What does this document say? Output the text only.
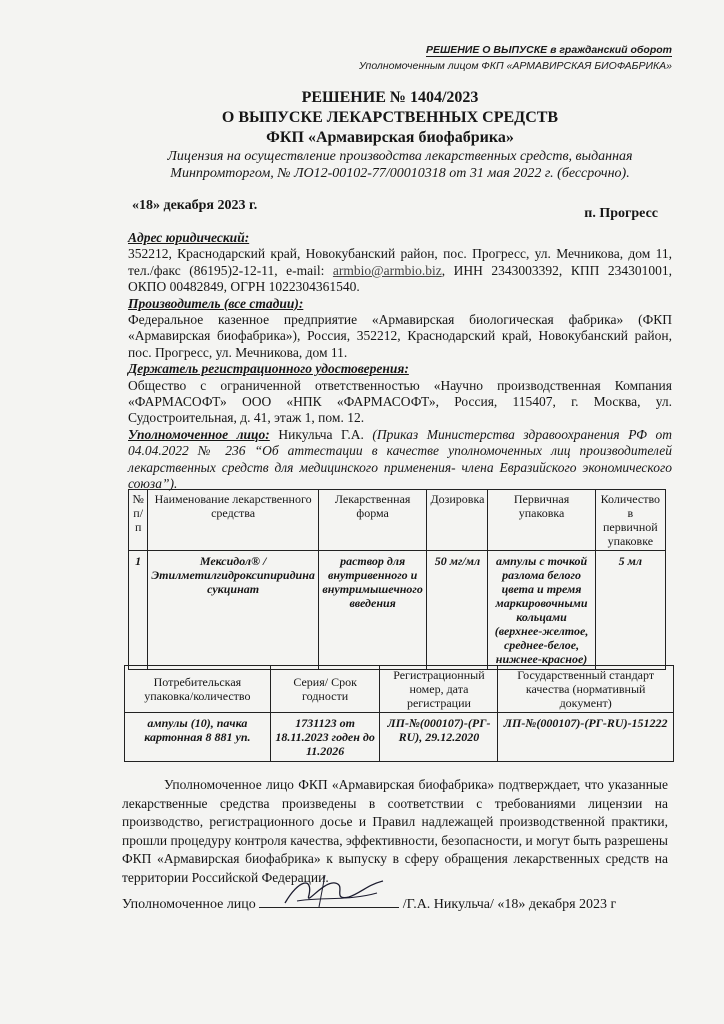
РЕШЕНИЕ О ВЫПУСКЕ в гражданский оборот
Уполномоченным лицом ФКП «АРМАВИРСКАЯ БИОФАБРИКА»
РЕШЕНИЕ № 1404/2023
О ВЫПУСКЕ ЛЕКАРСТВЕННЫХ СРЕДСТВ
ФКП «Армавирская биофабрика»
Лицензия на осуществление производства лекарственных средств, выданная
Минпромторгом, № ЛО12-00102-77/00010318 от 31 мая 2022 г. (бессрочно).
«18» декабря 2023 г.
п. Прогресс

Адрес юридический:
352212, Краснодарский край, Новокубанский район, пос. Прогресс, ул. Мечникова, дом 11, тел./факс (86195)2-12-11, e-mail: armbio@armbio.biz, ИНН 2343003392, КПП 234301001, ОКПО 00482849, ОГРН 1022304361540.

Производитель (все стадии):
Федеральное казенное предприятие «Армавирская биологическая фабрика» (ФКП «Армавирская биофабрика»), Россия, 352212, Краснодарский край, Новокубанский район, пос. Прогресс, ул. Мечникова, дом 11.

Держатель регистрационного удостоверения:
Общество с ограниченной ответственностью «Научно производственная Компания «ФАРМАСОФТ» ООО «НПК «ФАРМАСОФТ», Россия, 115407, г. Москва, ул. Судостроительная, д. 41, этаж 1, пом. 12.

Уполномоченное лицо: Никульча Г.А. (Приказ Министерства здравоохранения РФ от 04.04.2022 № 236 “Об аттестации в качестве уполномоченных лиц производителей лекарственных средств для медицинского применения- члена Евразийского экономического союза”).

№ п/п	Наименование лекарственного средства	Лекарственная форма	Дозировка	Первичная упаковка	Количество в первичной упаковке
1	Мексидол® / Этилметилгидроксипиридина сукцинат	раствор для внутривенного и внутримышечного введения	50 мг/мл	ампулы с точкой разлома белого цвета и тремя маркировочными кольцами (верхнее-желтое, среднее-белое, нижнее-красное)	5 мл
Потребительская упаковка/количество	Серия/ Срок годности	Регистрационный номер, дата регистрации	Государственный стандарт качества (нормативный документ)
ампулы (10), пачка картонная 8 881 уп.	1731123 от 18.11.2023 годен до 11.2026	ЛП-№(000107)-(РГ-RU), 29.12.2020	ЛП-№(000107)-(РГ-RU)-151222
Уполномоченное лицо ФКП «Армавирская биофабрика» подтверждает, что указанные лекарственные средства произведены в соответствии с требованиями лицензии на производство, регистрационного досье и Правил надлежащей производственной практики, прошли процедуру контроля качества, эффективности, безопасности, и могут быть разрешены ФКП «Армавирская биофабрика» к выпуску в сферу обращения лекарственных средств на территории Российской Федерации.
Уполномоченное лицо	/Г.А. Никульча/ «18» декабря 2023 г
